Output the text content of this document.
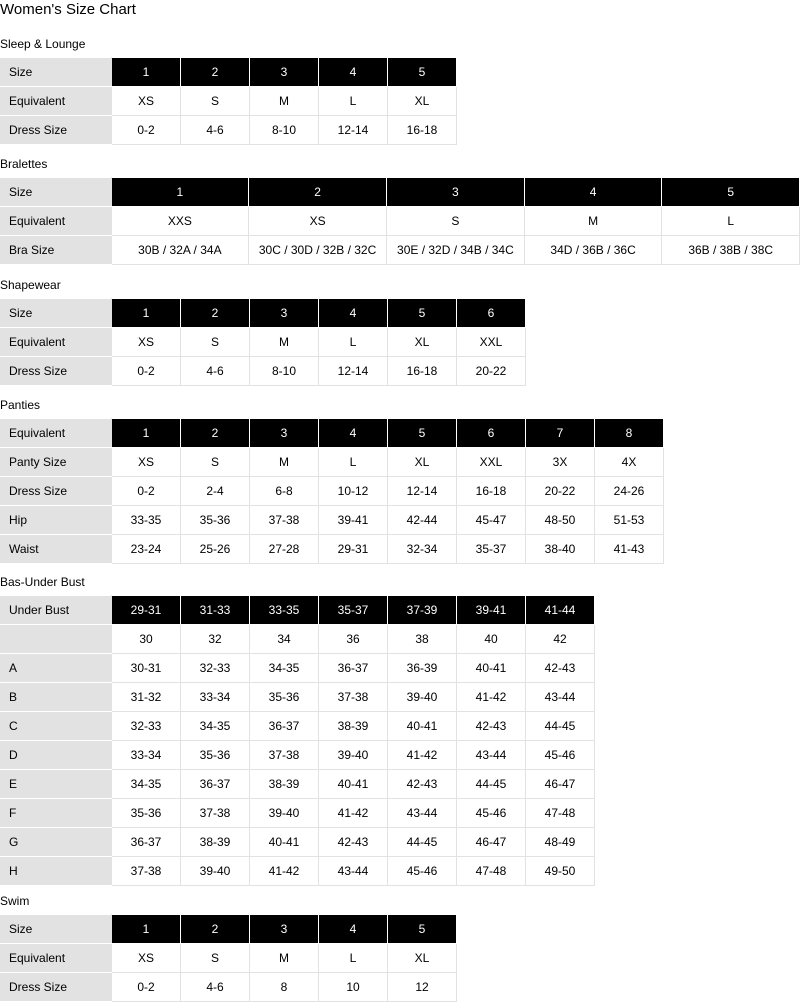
Women's Size Chart
Sleep & Lounge
Size	1	2	3	4	5
Equivalent	XS	S	M	L	XL
Dress Size	0-2	4-6	8-10	12-14	16-18
Bralettes
Size	1	2	3	4	5
Equivalent	XXS	XS	S	M	L
Bra Size	30B / 32A / 34A	30C / 30D / 32B / 32C	30E / 32D / 34B / 34C	34D / 36B / 36C	36B / 38B / 38C
Shapewear
Size	1	2	3	4	5	6
Equivalent	XS	S	M	L	XL	XXL
Dress Size	0-2	4-6	8-10	12-14	16-18	20-22
Panties
Equivalent	1	2	3	4	5	6	7	8
Panty Size	XS	S	M	L	XL	XXL	3X	4X
Dress Size	0-2	2-4	6-8	10-12	12-14	16-18	20-22	24-26
Hip	33-35	35-36	37-38	39-41	42-44	45-47	48-50	51-53
Waist	23-24	25-26	27-28	29-31	32-34	35-37	38-40	41-43
Bas-Under Bust
Under Bust	29-31	31-33	33-35	35-37	37-39	39-41	41-44
	30	32	34	36	38	40	42
A	30-31	32-33	34-35	36-37	36-39	40-41	42-43
B	31-32	33-34	35-36	37-38	39-40	41-42	43-44
C	32-33	34-35	36-37	38-39	40-41	42-43	44-45
D	33-34	35-36	37-38	39-40	41-42	43-44	45-46
E	34-35	36-37	38-39	40-41	42-43	44-45	46-47
F	35-36	37-38	39-40	41-42	43-44	45-46	47-48
G	36-37	38-39	40-41	42-43	44-45	46-47	48-49
H	37-38	39-40	41-42	43-44	45-46	47-48	49-50
Swim
Size	1	2	3	4	5
Equivalent	XS	S	M	L	XL
Dress Size	0-2	4-6	8	10	12
